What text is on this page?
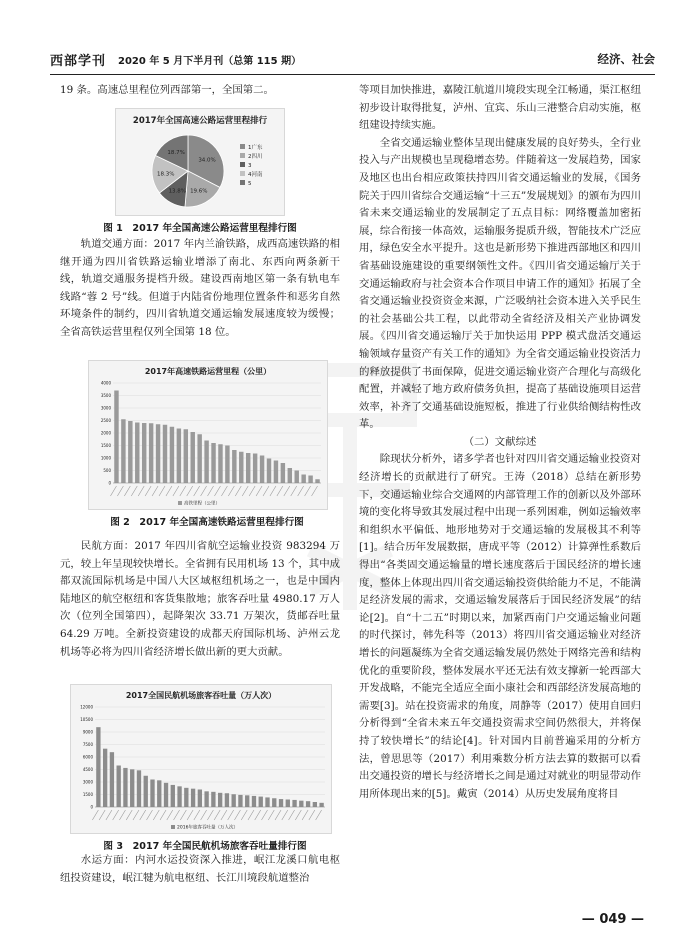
西部学刊 2020 年 5 月下半月刊（总第 115 期）	经济、社会

19 条。高速总里程位列西部第一，全国第二。

2017年全国高速公路运营里程排行
34.0%
19.6%
13.8%
18.3%
18.7%
1广东
2四川
3
4河南
5
图 1　2017 年全国高速公路运营里程排行图

轨道交通方面：2017 年内兰渝铁路，成西高速铁路的相继开通为四川省铁路运输业增添了南北、东西向两条新干线，轨道交通服务提档升级。建设西南地区第一条有轨电车线路“蓉 2 号”线。但道于内陆省份地理位置条件和恶劣自然环境条件的制约，四川省轨道交通运输发展速度较为缓慢；全省高铁运营里程仅列全国第 18 位。

2017年高速铁路运营里程（公里）
0
500
1000
1500
2000
2500
3000
3500
4000
高铁里程（公里）
图 2　2017 年全国高速铁路运营里程排行图

民航方面：2017 年四川省航空运输业投资 983294 万元，较上年呈现较快增长。全省拥有民用机场 13 个，其中成都双流国际机场是中国八大区域枢纽机场之一，也是中国内陆地区的航空枢纽和客货集散地；旅客吞吐量 4980.17 万人次（位列全国第四），起降架次 33.71 万架次，货邮吞吐量 64.29 万吨。全新投资建设的成都天府国际机场、泸州云龙机场等必将为四川省经济增长做出新的更大贡献。

2017全国民航机场旅客吞吐量（万人次）
0
1500
3000
4500
6000
7500
9000
10500
12000
2016年旅客吞吐量（万人次）
图 3　2017 年全国民航机场旅客吞吐量排行图

水运方面：内河水运投资深入推进，岷江龙溪口航电枢纽投资建设，岷江犍为航电枢纽、长江川境段航道整治

等项目加快推进，嘉陵江航道川境段实现全江畅通，渠江枢纽初步设计取得批复，泸州、宜宾、乐山三港整合启动实施，枢纽建设持续实施。

全省交通运输业整体呈现出健康发展的良好势头，全行业投入与产出规模也呈现稳增态势。伴随着这一发展趋势，国家及地区也出台相应政策扶持四川省交通运输业的发展，《国务院关于四川省综合交通运输“十三五”发展规划》的颁布为四川省未来交通运输业的发展制定了五点目标：网络覆盖加密拓展，综合衔接一体高效，运输服务提质升级，智能技术广泛应用，绿色安全水平提升。这也是新形势下推进西部地区和四川省基础设施建设的重要纲领性文件。《四川省交通运输厅关于交通运输政府与社会资本合作项目申请工作的通知》拓展了全省交通运输业投资资金来源，广泛吸纳社会资本进入关乎民生的社会基础公共工程，以此带动全省经济及相关产业协调发展。《四川省交通运输厅关于加快运用 PPP 模式盘活交通运输领域存量资产有关工作的通知》为全省交通运输业投资活力的释放提供了书面保障，促进交通运输业资产合理化与高级化配置，并减轻了地方政府债务负担，提高了基础设施项目运营效率，补齐了交通基础设施短板，推进了行业供给侧结构性改革。

（二）文献综述

除现状分析外，诸多学者也针对四川省交通运输业投资对经济增长的贡献进行了研究。王涛（2018）总结在新形势下，交通运输业综合交通网的内部管理工作的创新以及外部环境的变化将导致其发展过程中出现一系列困难，例如运输效率和组织水平偏低、地形地势对于交通运输的发展极其不利等[1]。结合历年发展数据，唐成平等（2012）计算弹性系数后得出“各类固交通运输量的增长速度落后于国民经济的增长速度，整体上体现出四川省交通运输投资供给能力不足，不能满足经济发展的需求，交通运输发展落后于国民经济发展”的结论[2]。自“十二五”时期以来，加紧西南门户交通运输业问题的时代探讨，韩先科等（2013）将四川省交通运输业对经济增长的问题凝练为全省交通运输发展仍然处于网络完善和结构优化的重要阶段，整体发展水平还无法有效支撑新一轮西部大开发战略，不能完全适应全面小康社会和西部经济发展高地的需要[3]。站在投资需求的角度，周静等（2017）使用自回归分析得到“全省未来五年交通投资需求空间仍然很大，并将保持了较快增长”的结论[4]。针对国内目前普遍采用的分析方法，曾思思等（2017）利用乘数分析方法去算的数据可以看出交通投资的增长与经济增长之间是通过对就业的明显带动作用所体现出来的[5]。戴寅（2014）从历史发展角度将目

— 049 —
